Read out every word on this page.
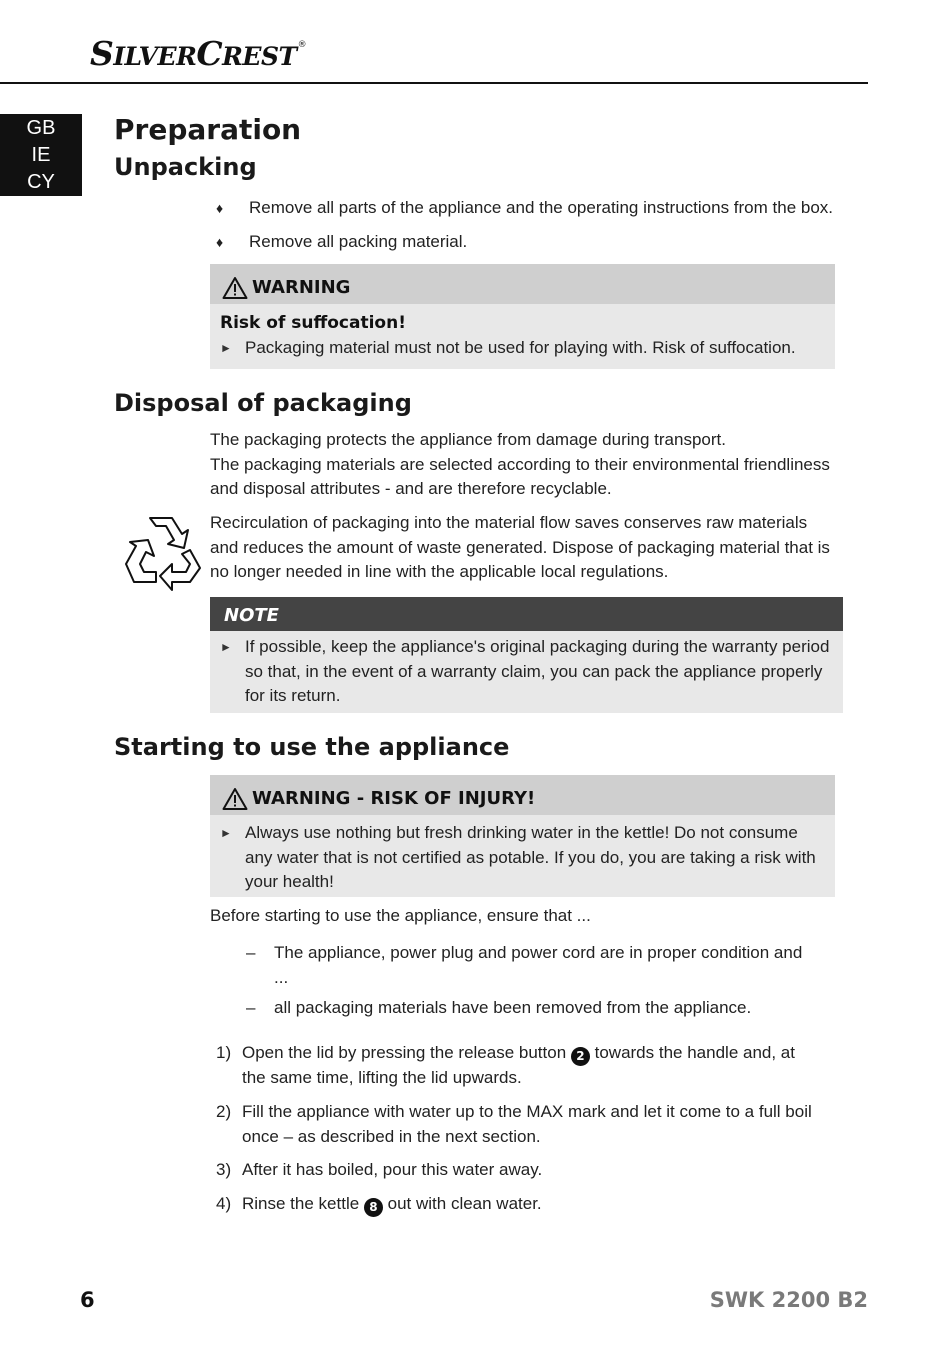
SILVERCREST®
GB
IE
CY
Preparation
Unpacking
♦	Remove all parts of the appliance and the operating instructions from the box.
♦	Remove all packing material.
WARNING
Risk of suffocation!
► Packaging material must not be used for playing with. Risk of suffocation.
Disposal of packaging
The packaging protects the appliance from damage during transport.
The packaging materials are selected according to their environmental friendliness and disposal attributes - and are therefore recyclable.
Recirculation of packaging into the material flow saves conserves raw materials and reduces the amount of waste generated. Dispose of packaging material that is no longer needed in line with the applicable local regulations.
NOTE
► If possible, keep the appliance's original packaging during the warranty period so that, in the event of a warranty claim, you can pack the appliance properly for its return.
Starting to use the appliance
WARNING - RISK OF INJURY!
► Always use nothing but fresh drinking water in the kettle! Do not consume any water that is not certified as potable. If you do, you are taking a risk with your health!
Before starting to use the appliance, ensure that ...
–	The appliance, power plug and power cord are in proper condition and ...
–	all packaging materials have been removed from the appliance.
1) Open the lid by pressing the release button 2 towards the handle and, at the same time, lifting the lid upwards.
2) Fill the appliance with water up to the MAX mark and let it come to a full boil once – as described in the next section.
3) After it has boiled, pour this water away.
4) Rinse the kettle 8 out with clean water.
6	SWK 2200 B2
